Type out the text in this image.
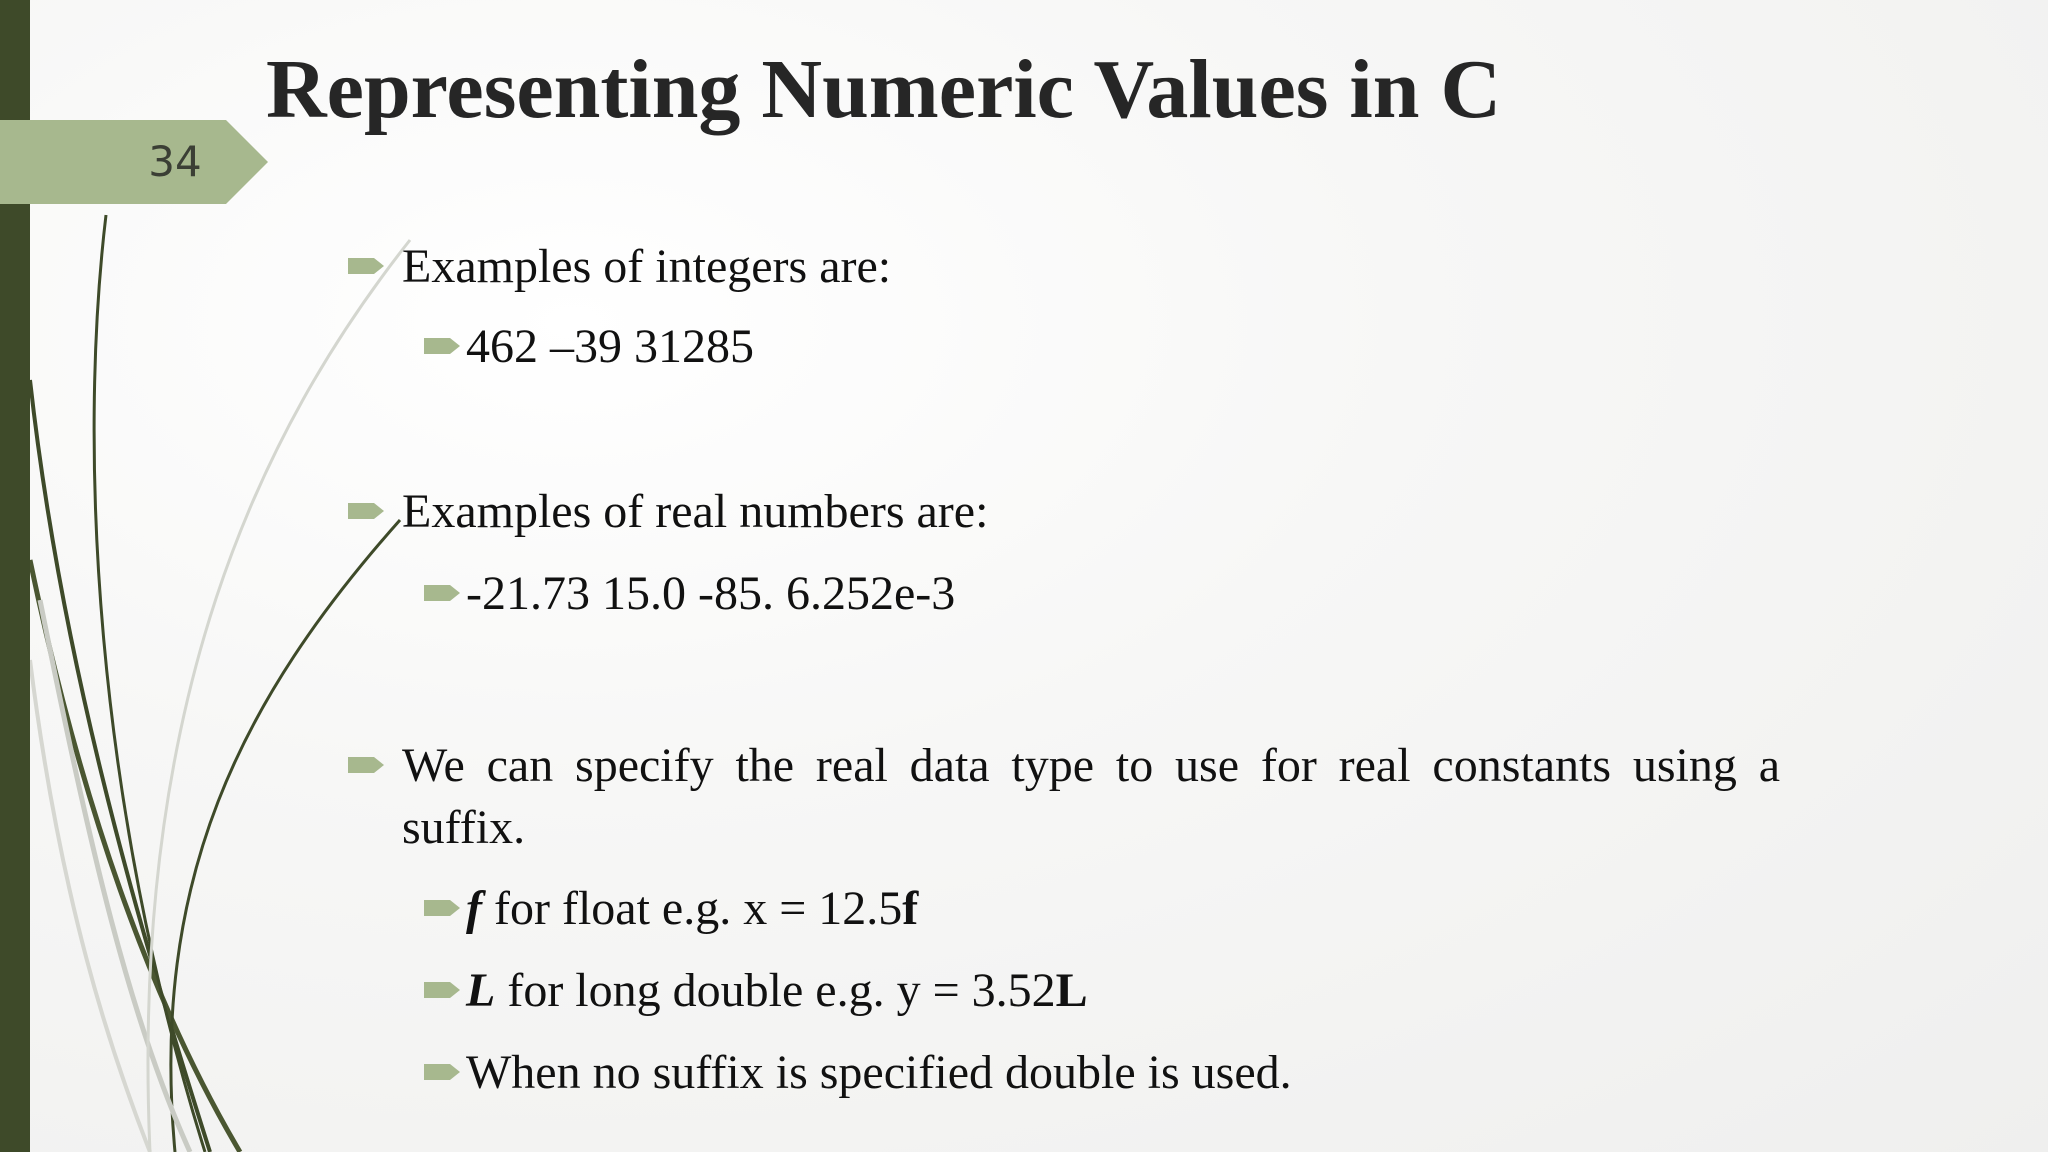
34
Representing Numeric Values in C
Examples of integers are:
462 –39 31285
Examples of real numbers are:
-21.73 15.0 -85. 6.252e-3
We can specify the real data type to use for real constants using a suffix.
f for float e.g. x = 12.5f
L for long double e.g. y = 3.52L
When no suffix is specified double is used.
